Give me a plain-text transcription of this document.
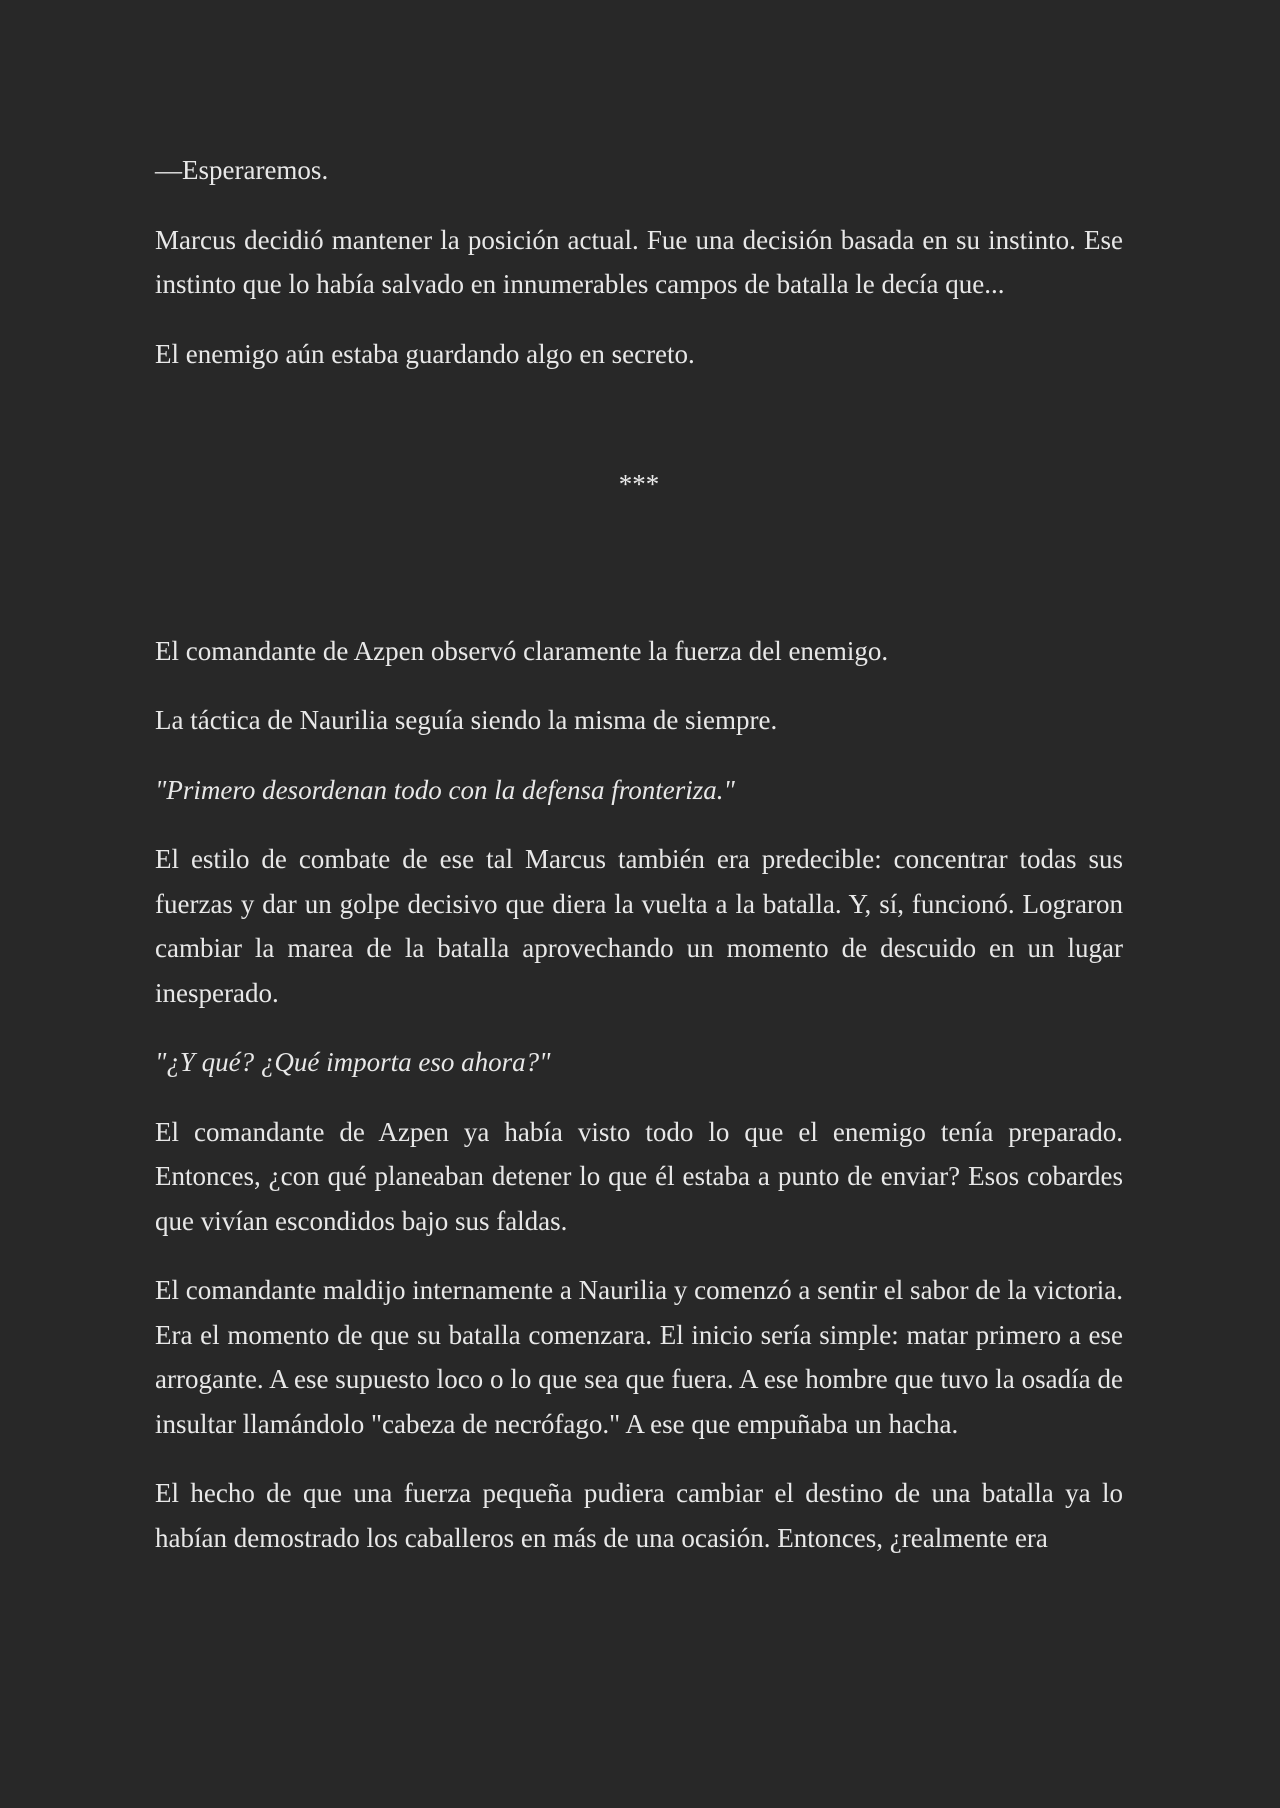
—Esperaremos.

Marcus decidió mantener la posición actual. Fue una decisión basada en su instinto. Ese instinto que lo había salvado en innumerables campos de batalla le decía que...

El enemigo aún estaba guardando algo en secreto.

***

El comandante de Azpen observó claramente la fuerza del enemigo.

La táctica de Naurilia seguía siendo la misma de siempre.

"Primero desordenan todo con la defensa fronteriza."

El estilo de combate de ese tal Marcus también era predecible: concentrar todas sus fuerzas y dar un golpe decisivo que diera la vuelta a la batalla. Y, sí, funcionó. Lograron cambiar la marea de la batalla aprovechando un momento de descuido en un lugar inesperado.

"¿Y qué? ¿Qué importa eso ahora?"

El comandante de Azpen ya había visto todo lo que el enemigo tenía preparado. Entonces, ¿con qué planeaban detener lo que él estaba a punto de enviar? Esos cobardes que vivían escondidos bajo sus faldas.

El comandante maldijo internamente a Naurilia y comenzó a sentir el sabor de la victoria. Era el momento de que su batalla comenzara. El inicio sería simple: matar primero a ese arrogante. A ese supuesto loco o lo que sea que fuera. A ese hombre que tuvo la osadía de insultar llamándolo "cabeza de necrófago." A ese que empuñaba un hacha.

El hecho de que una fuerza pequeña pudiera cambiar el destino de una batalla ya lo habían demostrado los caballeros en más de una ocasión. Entonces, ¿realmente era
